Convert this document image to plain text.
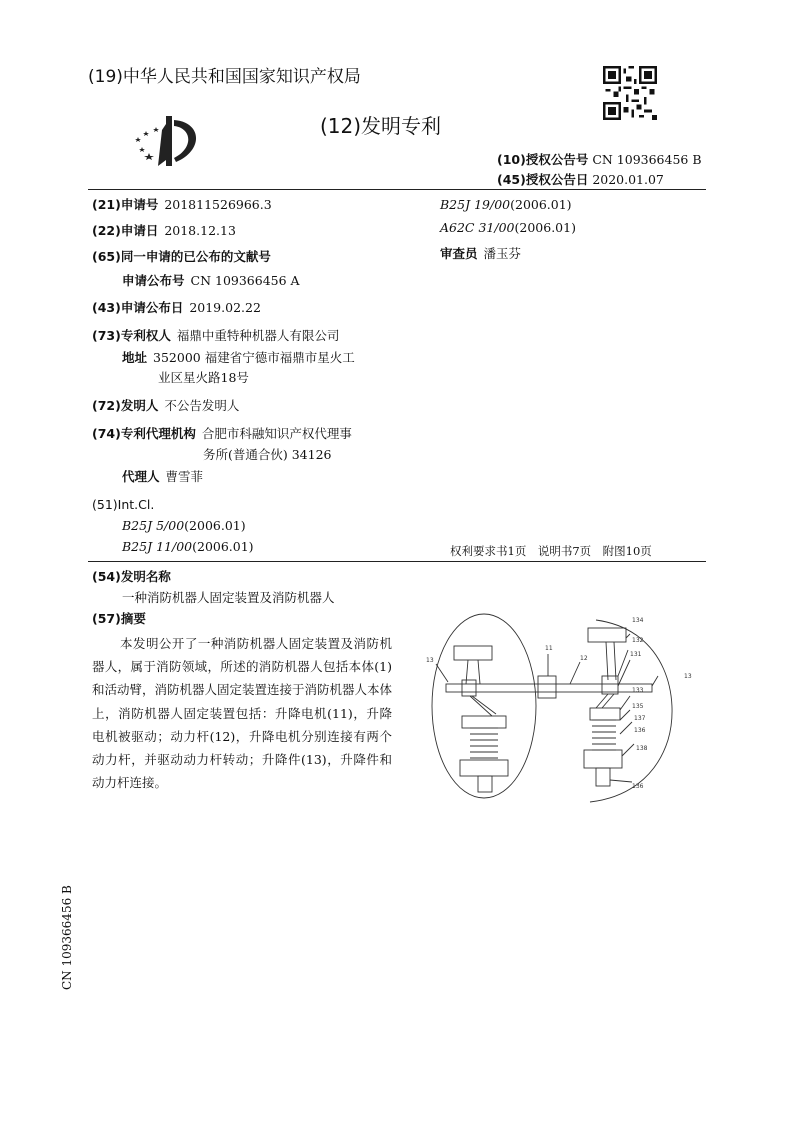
(19)中华人民共和国国家知识产权局
(12)发明专利
(10)授权公告号 CN 109366456 B
(45)授权公告日 2020.01.07
(21)申请号 201811526966.3
(22)申请日 2018.12.13
(65)同一申请的已公布的文献号
申请公布号 CN 109366456 A
(43)申请公布日 2019.02.22
(73)专利权人 福鼎中重特种机器人有限公司
地址 352000 福建省宁德市福鼎市星火工
业区星火路18号
(72)发明人 不公告发明人
(74)专利代理机构 合肥市科融知识产权代理事
务所(普通合伙) 34126
代理人 曹雪菲
(51)Int.Cl.
B25J 5/00(2006.01)
B25J 11/00(2006.01)
B25J 19/00(2006.01)
A62C 31/00(2006.01)
审查员 潘玉芬
权利要求书1页　说明书7页　附图10页
(54)发明名称
一种消防机器人固定装置及消防机器人
(57)摘要

本发明公开了一种消防机器人固定装置及消防机器人，属于消防领域，所述的消防机器人包括本体(1)和活动臂，消防机器人固定装置连接于消防机器人本体上，消防机器人固定装置包括：升降电机(11)，升降电机被驱动；动力杆(12)，升降电机分别连接有两个动力杆，并驱动动力杆转动；升降件(13)，升降件和动力杆连接。

11
12
13
13
131
132
133
134
135
136
137
138
136
CN 109366456 B
